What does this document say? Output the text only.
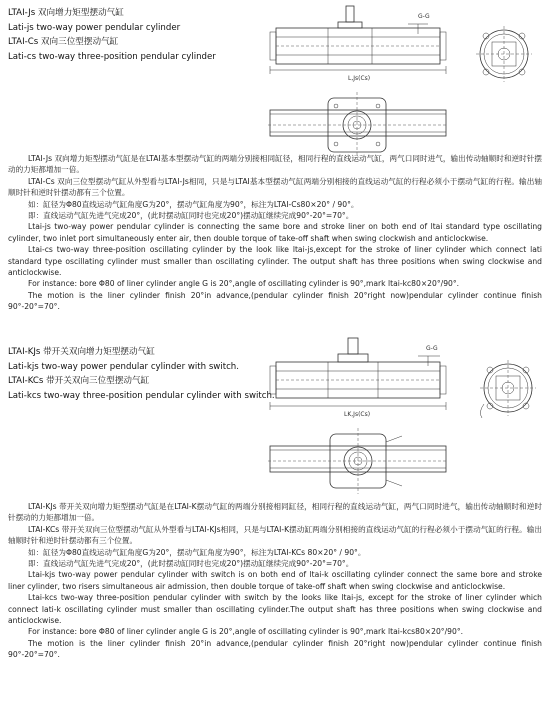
LTAI-Js 双向增力矩型摆动气缸
Lati-js two-way power pendular cylinder
LTAI-Cs 双向三位型摆动气缸
Lati-cs two-way three-position pendular cylinder
G-G
L,Js(Cs)

LTAI-Js 双向增力矩型摆动气缸是在LTAI基本型摆动气缸的两端分别接相同缸径，相同行程的直线运动气缸，两气口同时进气，输出传动轴顺时和逆时针摆动的力矩都增加一倍。

LTAI-Cs 双向三位型摆动气缸从外型看与LTAI-Js相同，只是与LTAI基本型摆动气缸两端分别相接的直线运动气缸的行程必须小于摆动气缸的行程。输出轴顺时针和逆时针摆动都有三个位置。

如：缸径为Φ80直线运动气缸角度G为20°，摆动气缸角度为90°，标注为LTAI-Cs80×20° / 90°。

即：直线运动气缸先进气完成20°，(此时摆动缸同时也完成20°)摆动缸继续完成90°-20°=70°。

Ltai-js two-way power pendular cylinder is connecting the same bore and stroke liner on both end of ltai standard type oscillating cylinder, two inlet port simultaneously enter air, then double torque of take-off shaft when swing clockwish and anticlockwise.

Ltai-cs two-way three-position oscillating cylinder by the look like ltai-js,except for the stroke of liner cylinder which connect lati standard type oscillating cylinder must smaller than oscillating cylinder. The output shaft has three positions when swing clockwise and anticlockwise.

For instance: bore Φ80 of liner cylinder angle G is 20°,angle of oscillating cylinder is 90°,mark ltai-kc80×20°/90°.

The motion is the liner cylinder finish 20°in advance,(pendular cylinder finish 20°right now)pendular cylinder continue finish 90°-20°=70°.

LTAI-KJs 带开关双向增力矩型摆动气缸
Lati-kjs two-way power pendular cylinder with switch.
LTAI-KCs 带开关双向三位型摆动气缸
Lati-kcs two-way three-position pendular cylinder with switch.
G-G
LK,Js(Cs)

LTAI-KJs 带开关双向增力矩型摆动气缸是在LTAI-K摆动气缸的两端分别接相同缸径，相同行程的直线运动气缸，两气口同时进气，输出传动轴顺时和逆时针摆动的力矩都增加一倍。

LTAI-KCs 带开关双向三位型摆动气缸从外型看与LTAI-KJs相同，只是与LTAI-K摆动缸两端分别相接的直线运动气缸的行程必须小于摆动气缸的行程。输出轴顺时针和逆时针摆动都有三个位置。

如：缸径为Φ80直线运动气缸角度G为20°，摆动气缸角度为90°，标注为LTAI-KCs 80×20° / 90°。

即：直线运动气缸先进气完成20°，(此时摆动缸同时也完成20°)摆动缸继续完成90°-20°=70°。

Ltai-kjs two-way power pendular cylinder with switch is on both end of ltai-k oscillating cylinder connect the same bore and stroke liner cylinder, two risers simultaneous air admission, then double torque of take-off shaft when swing clockwise and anticlockwise.

Ltai-kcs two-way three-position pendular cylinder with switch by the looks like ltai-js, except for the stroke of liner cylinder which connect lati-k oscillating cylinder must smaller than oscillating cylinder.The output shaft has three positions when swing clockwise and anticlockwise.

For instance: bore Φ80 of liner cylinder angle G is 20°,angle of oscillating cylinder is 90°,mark ltai-kcs80×20°/90°.

The motion is the liner cylinder finish 20°in advance,(pendular cylinder finish 20°right now)pendular cylinder continue finish 90°-20°=70°.
